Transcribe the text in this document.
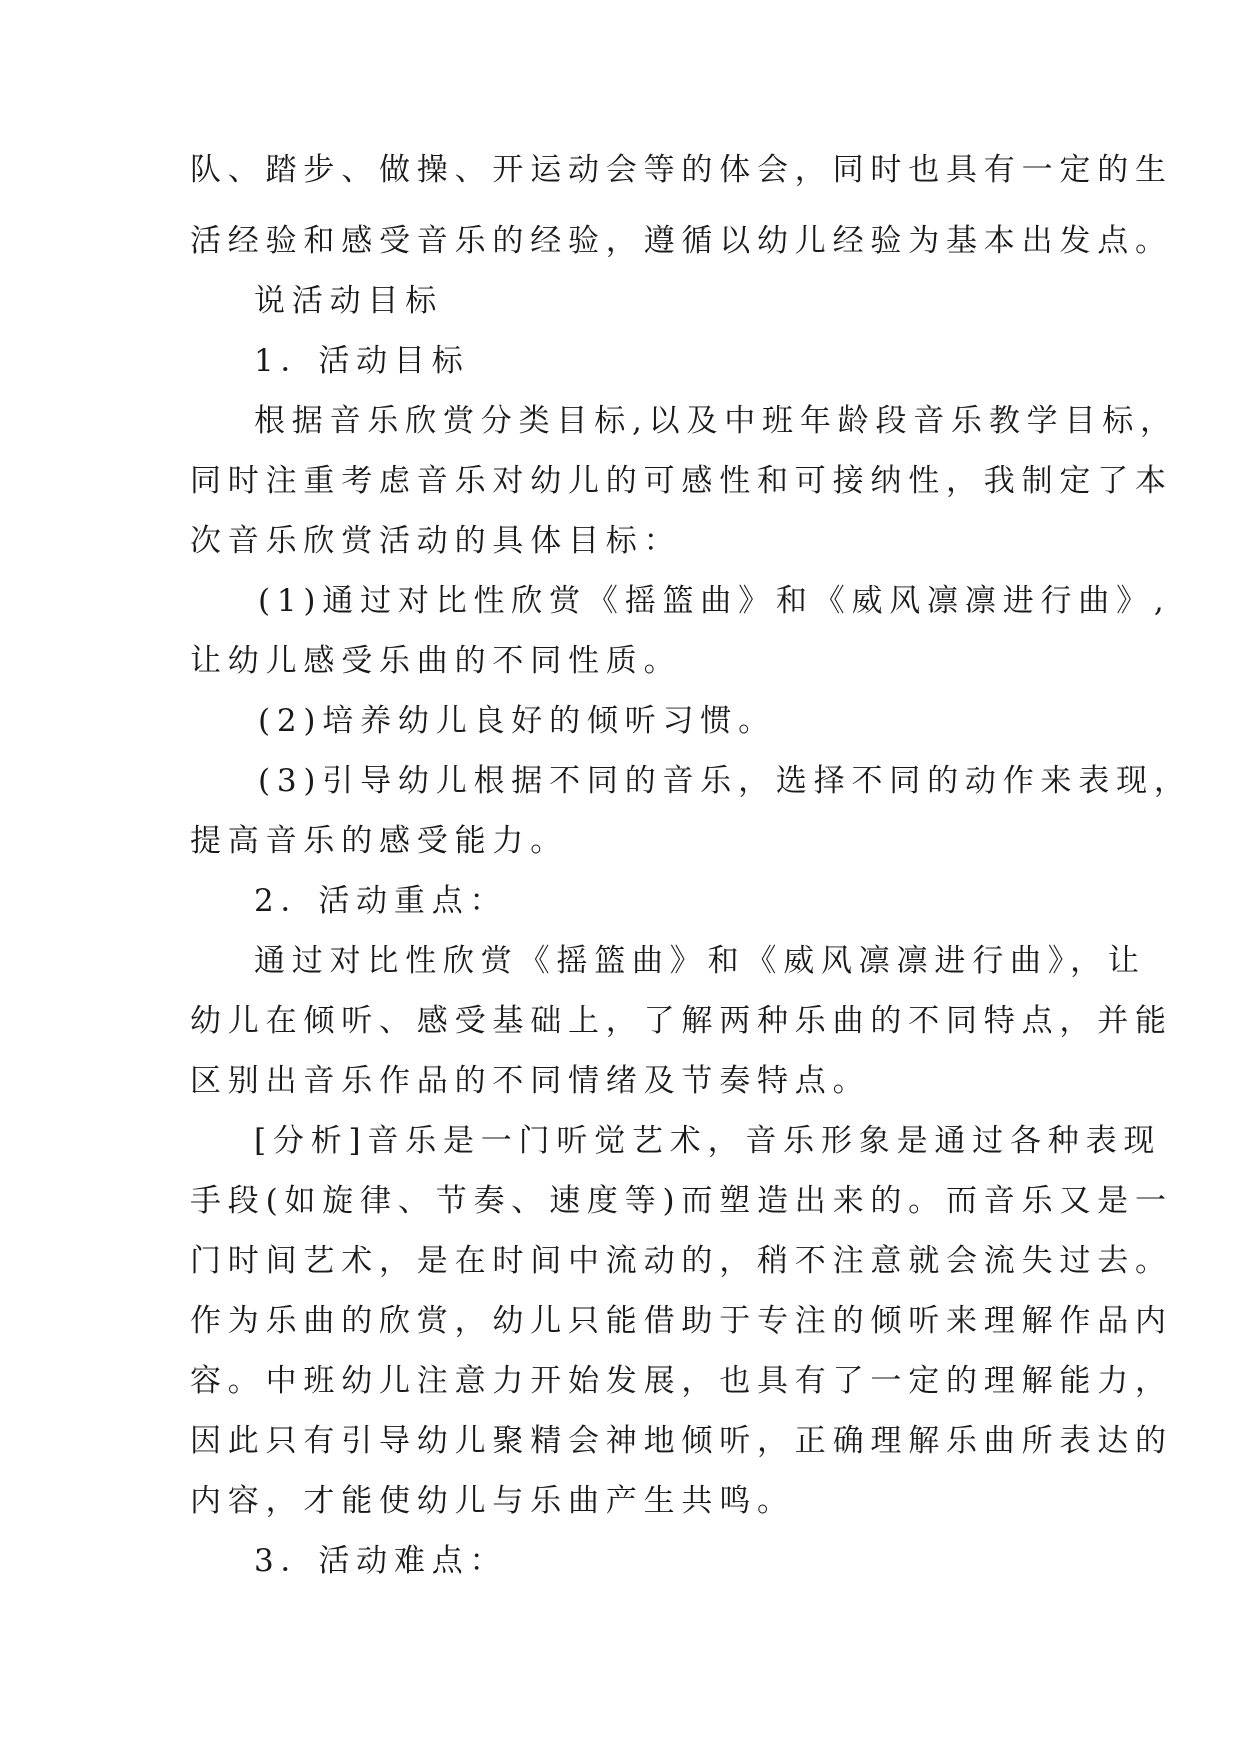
队、踏步、做操、开运动会等的体会，同时也具有一定的生
活经验和感受音乐的经验，遵循以幼儿经验为基本出发点。
说活动目标
1．活动目标
根据音乐欣赏分类目标,以及中班年龄段音乐教学目标，
同时注重考虑音乐对幼儿的可感性和可接纳性，我制定了本
次音乐欣赏活动的具体目标：
(1)通过对比性欣赏《摇篮曲》和《威风凛凛进行曲》,
让幼儿感受乐曲的不同性质。
(2)培养幼儿良好的倾听习惯。
(3)引导幼儿根据不同的音乐，选择不同的动作来表现，
提高音乐的感受能力。
2．活动重点：
通过对比性欣赏《摇篮曲》和《威风凛凛进行曲》，让
幼儿在倾听、感受基础上，了解两种乐曲的不同特点，并能
区别出音乐作品的不同情绪及节奏特点。
[分析]音乐是一门听觉艺术，音乐形象是通过各种表现
手段(如旋律、节奏、速度等)而塑造出来的。而音乐又是一
门时间艺术，是在时间中流动的，稍不注意就会流失过去。
作为乐曲的欣赏，幼儿只能借助于专注的倾听来理解作品内
容。中班幼儿注意力开始发展，也具有了一定的理解能力，
因此只有引导幼儿聚精会神地倾听，正确理解乐曲所表达的
内容，才能使幼儿与乐曲产生共鸣。
3．活动难点：
